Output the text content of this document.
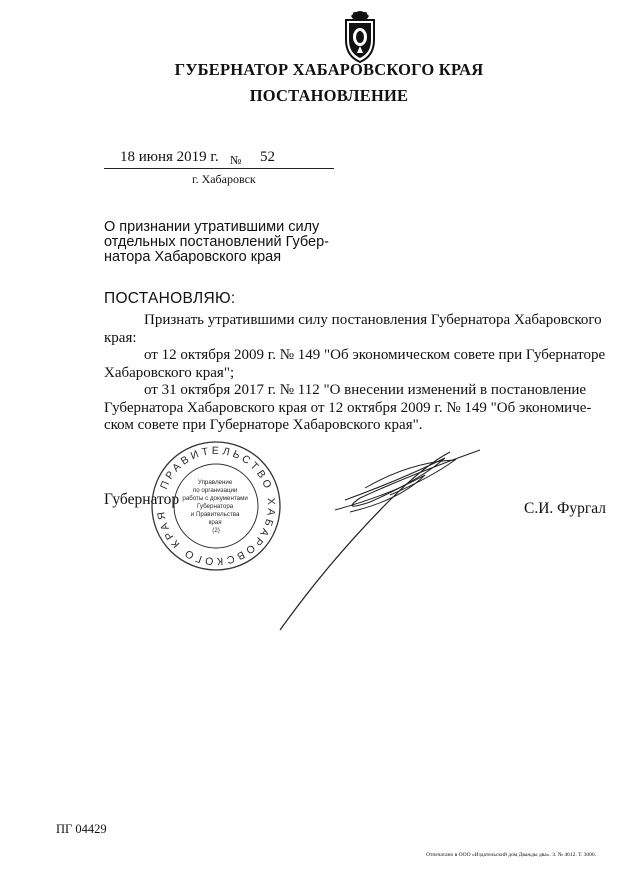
ГУБЕРНАТОР ХАБАРОВСКОГО КРАЯ
ПОСТАНОВЛЕНИЕ
18 июня 2019 г. № 52
г. Хабаровск
О признании утратившими силу
отдельных постановлений Губер-
натора Хабаровского края
ПОСТАНОВЛЯЮ:
Признать утратившими силу постановления Губернатора Хабаровского
края:
от 12 октября 2009 г. № 149 "Об экономическом совете при Губернаторе
Хабаровского края";
от 31 октября 2017 г. № 112 "О внесении изменений в постановление
Губернатора Хабаровского края от 12 октября 2009 г. № 149 "Об экономиче-
ском совете при Губернаторе Хабаровского края".
Губернатор
С.И. Фургал
ПРАВИТЕЛЬСТВО ХАБАРОВСКОГО КРАЯ
Управление по организации работы с документами Губернатора и Правительства края (2)
ПГ 04429
Отпечатано в ООО «Издательский дом Дважды два». З. № 4612. Т. 3000.
